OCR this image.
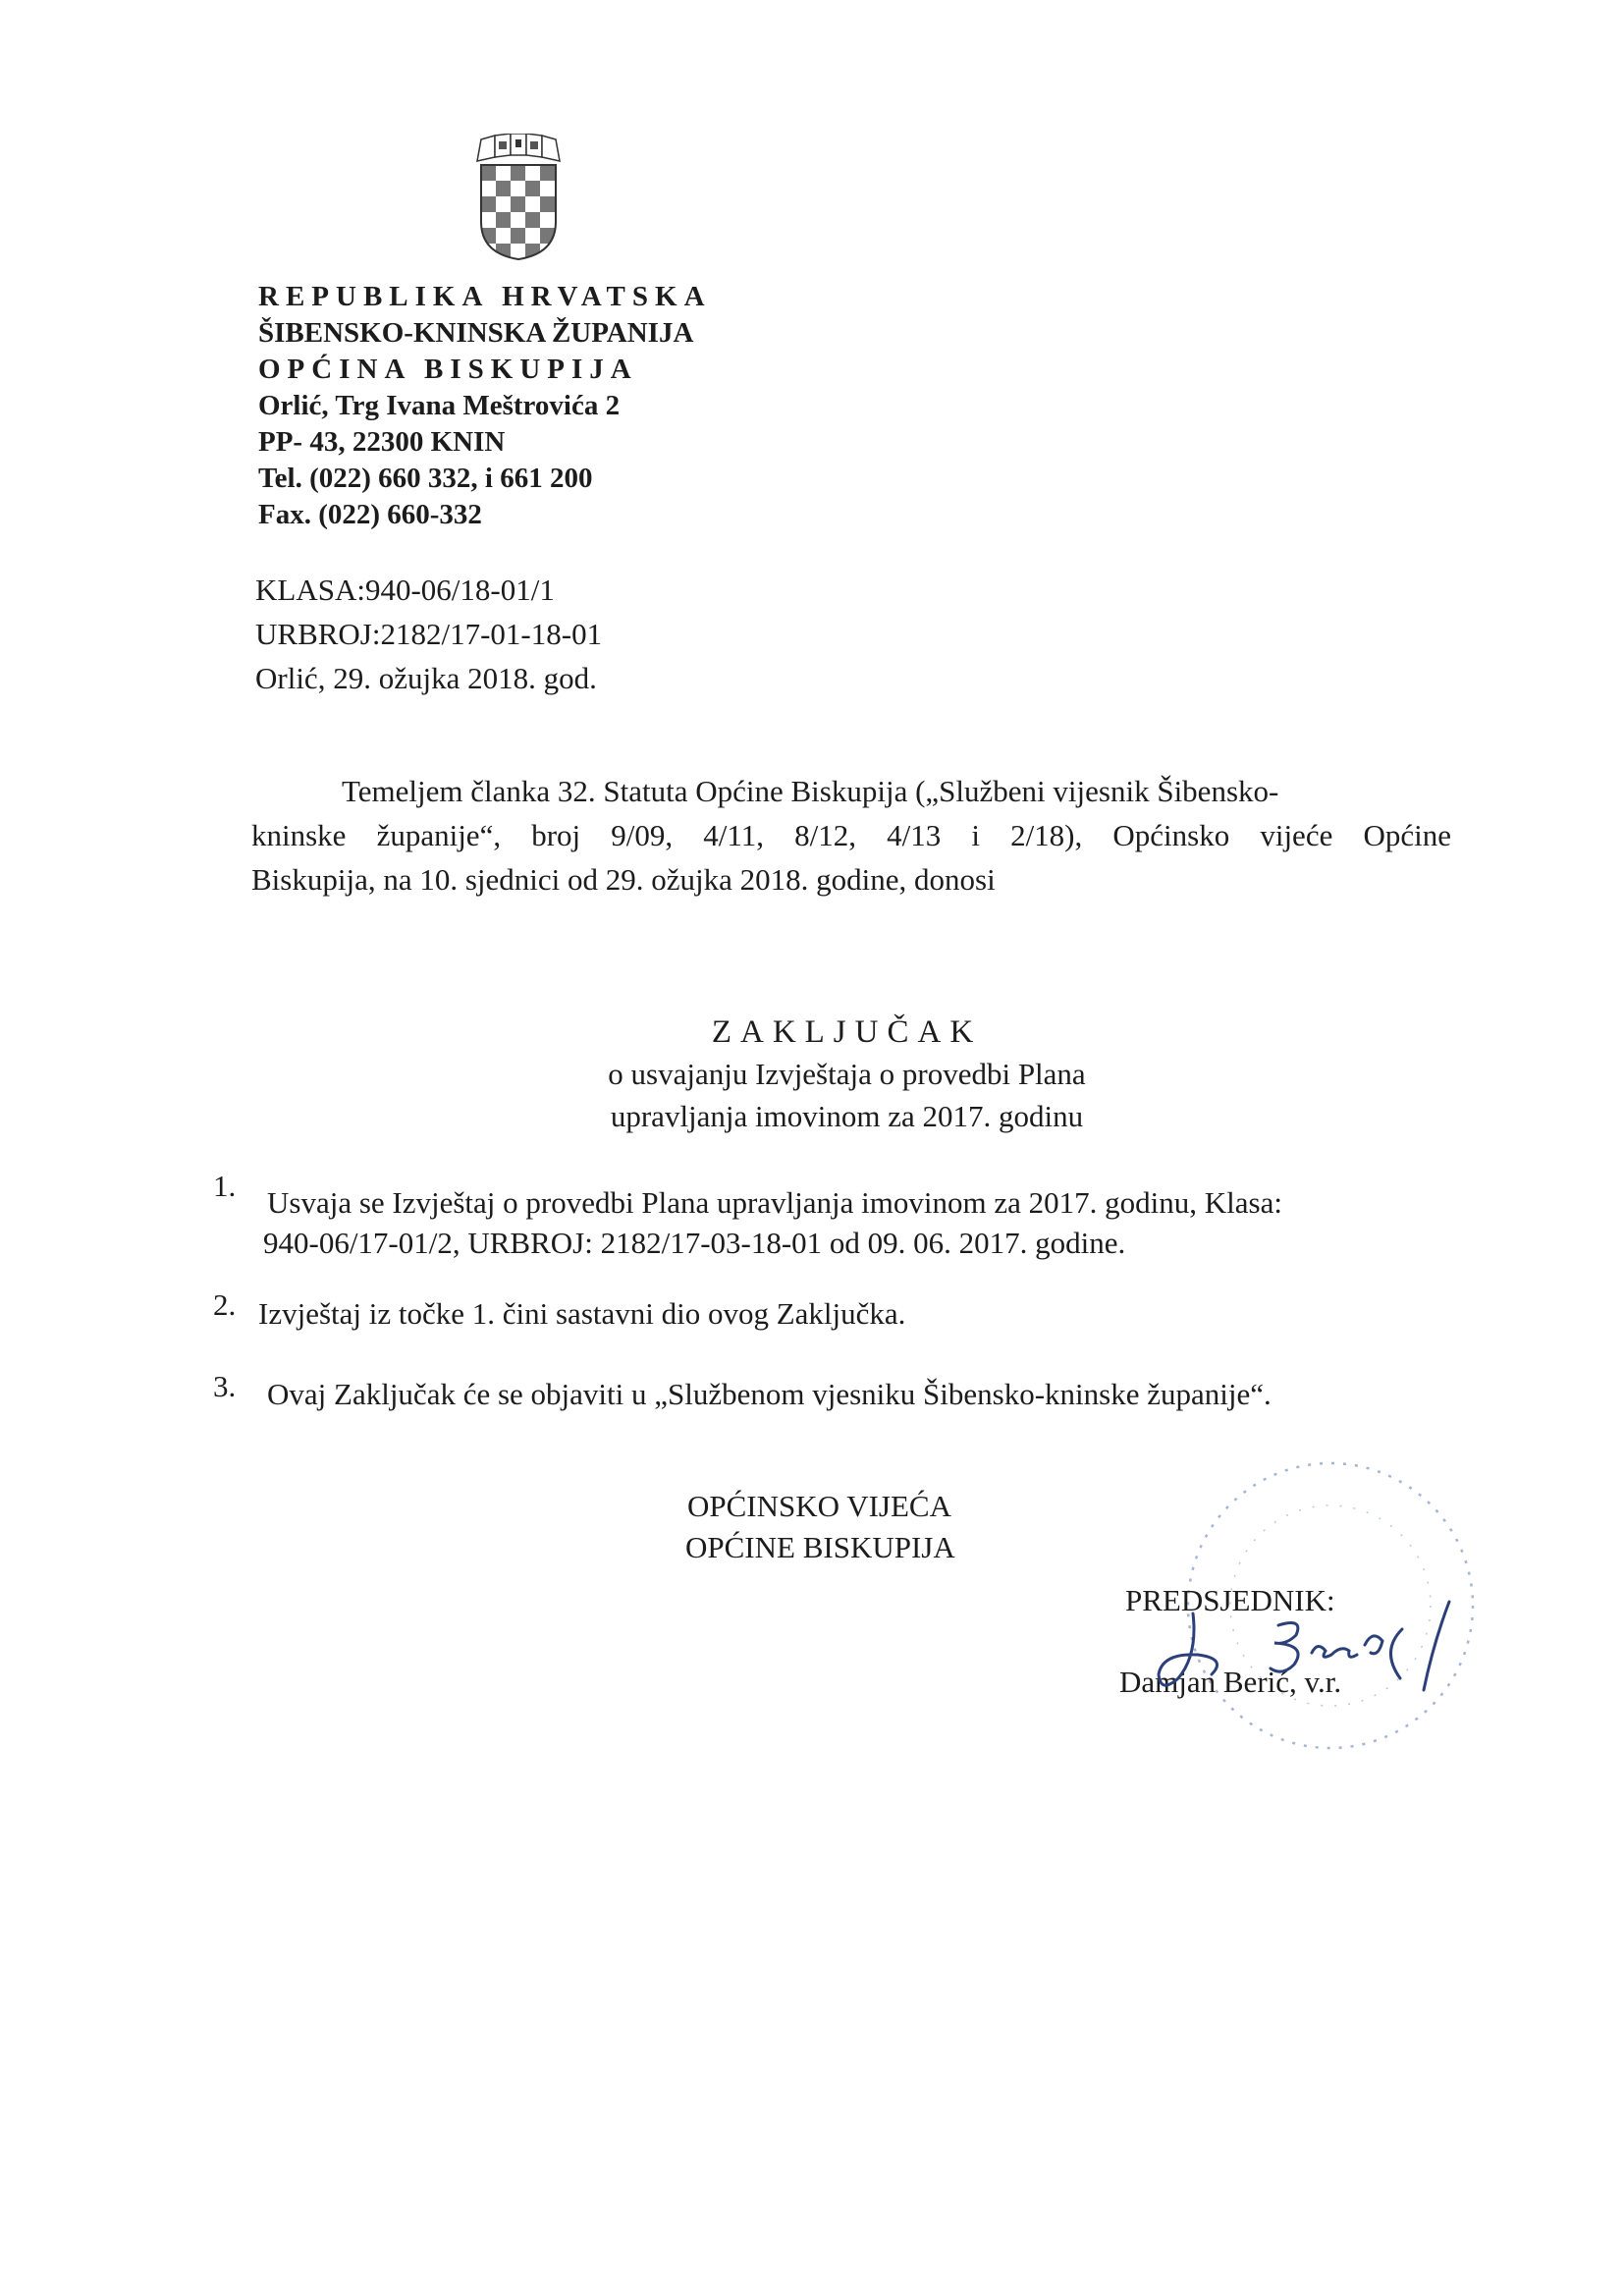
REPUBLIKA HRVATSKA
ŠIBENSKO-KNINSKA ŽUPANIJA
OPĆINA BISKUPIJA
Orlić, Trg Ivana Meštrovića 2
PP- 43, 22300 KNIN
Tel. (022) 660 332, i 661 200
Fax. (022) 660-332
KLASA:940-06/18-01/1
URBROJ:2182/17-01-18-01
Orlić, 29. ožujka 2018. god.
Temeljem članka 32. Statuta Općine Biskupija („Službeni vijesnik Šibensko-
kninske županije“, broj 9/09, 4/11, 8/12, 4/13 i 2/18), Općinsko vijeće Općine
Biskupija, na 10. sjednici od 29. ožujka 2018. godine, donosi
ZAKLJUČAK
o usvajanju Izvještaja o provedbi Plana
upravljanja imovinom za 2017. godinu
1. Usvaja se Izvještaj o provedbi Plana upravljanja imovinom za 2017. godinu, Klasa:
940-06/17-01/2, URBROJ: 2182/17-03-18-01 od 09. 06. 2017. godine.
2. Izvještaj iz točke 1. čini sastavni dio ovog Zaključka.
3. Ovaj Zaključak će se objaviti u „Službenom vjesniku Šibensko-kninske županije“.
OPĆINSKO VIJEĆA
OPĆINE BISKUPIJA
PREDSJEDNIK:
Damjan Berić, v.r.
